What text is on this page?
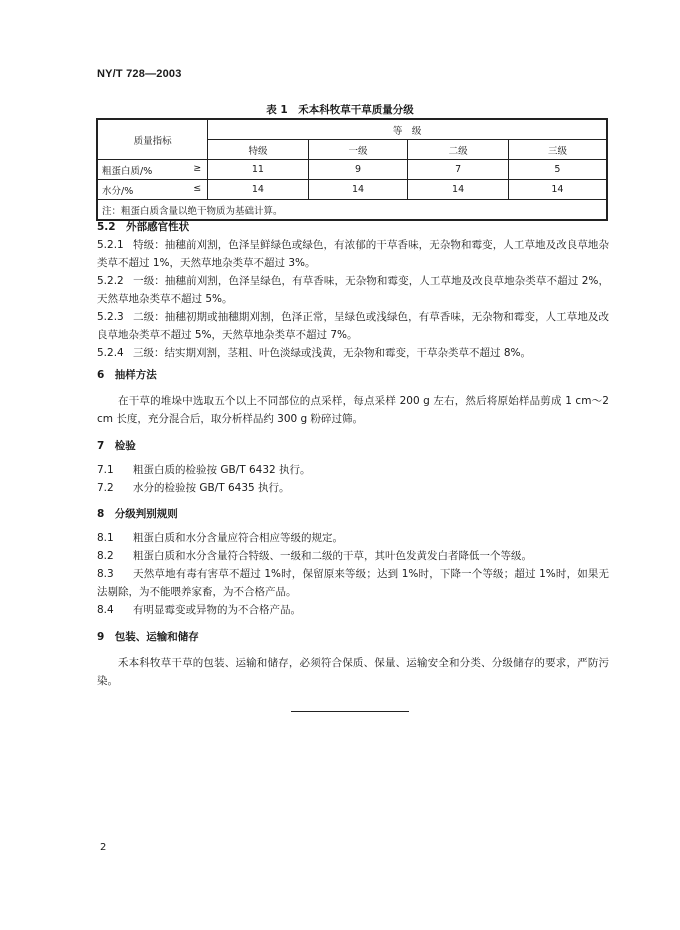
NY/T 728—2003
表 1　禾本科牧草干草质量分级
质量指标	等　级			
	特级	一级	二级	三级

粗蛋白质/% ≥	11	9	7	5

水分/% ≤	14	14	14	14
注：粗蛋白质含量以绝干物质为基础计算。				
5.2　外部感官性状
5.2.1 特级：抽穗前刈割，色泽呈鲜绿色或绿色，有浓郁的干草香味，无杂物和霉变，人工草地及改良草地杂类草不超过 1%，天然草地杂类草不超过 3%。
5.2.2 一级：抽穗前刈割，色泽呈绿色，有草香味，无杂物和霉变，人工草地及改良草地杂类草不超过 2%，天然草地杂类草不超过 5%。
5.2.3 二级：抽穗初期或抽穗期刈割，色泽正常，呈绿色或浅绿色，有草香味，无杂物和霉变，人工草地及改良草地杂类草不超过 5%，天然草地杂类草不超过 7%。
5.2.4 三级：结实期刈割，茎粗、叶色淡绿或浅黄，无杂物和霉变，干草杂类草不超过 8%。
6　抽样方法
在干草的堆垛中选取五个以上不同部位的点采样，每点采样 200 g 左右，然后将原始样品剪成 1 cm～2 cm 长度，充分混合后，取分析样品约 300 g 粉碎过筛。
7　检验
7.1 粗蛋白质的检验按 GB/T 6432 执行。
7.2 水分的检验按 GB/T 6435 执行。
8　分级判别规则
8.1 粗蛋白质和水分含量应符合相应等级的规定。
8.2 粗蛋白质和水分含量符合特级、一级和二级的干草，其叶色发黄发白者降低一个等级。
8.3 天然草地有毒有害草不超过 1%时，保留原来等级；达到 1%时，下降一个等级；超过 1%时，如果无法剔除，为不能喂养家畜，为不合格产品。
8.4 有明显霉变或异物的为不合格产品。
9　包装、运输和储存
禾本科牧草干草的包装、运输和储存，必须符合保质、保量、运输安全和分类、分级储存的要求，严防污染。
2
